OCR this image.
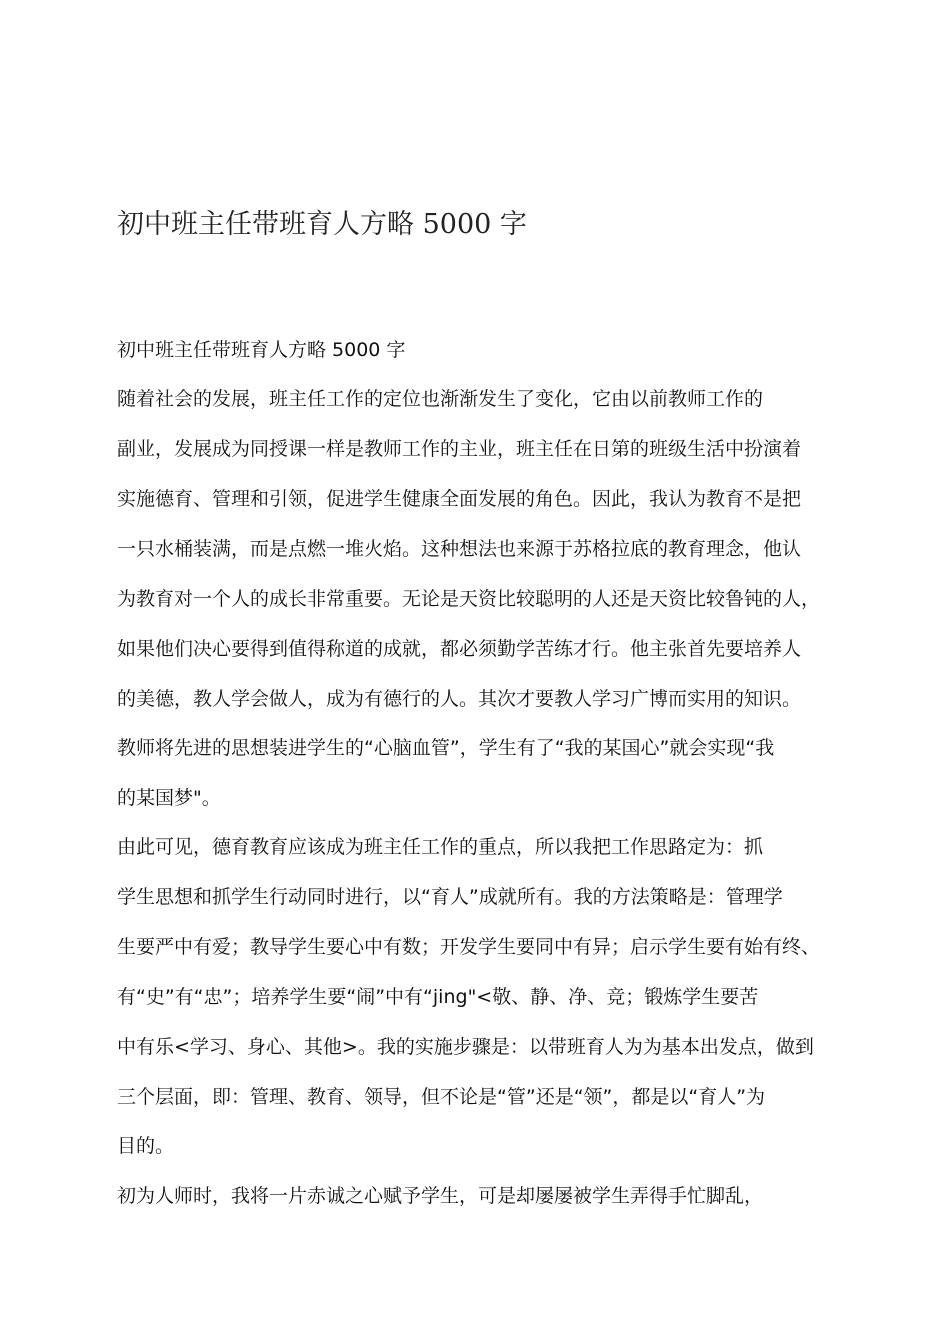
初中班主任带班育人方略 5000 字
初中班主任带班育人方略 5000 字
随着社会的发展，班主任工作的定位也渐渐发生了变化，它由以前教师工作的
副业，发展成为同授课一样是教师工作的主业，班主任在日第的班级生活中扮演着
实施德育、管理和引领，促进学生健康全面发展的角色。因此，我认为教育不是把
一只水桶装满，而是点燃一堆火焰。这种想法也来源于苏格拉底的教育理念，他认
为教育对一个人的成长非常重要。无论是天资比较聪明的人还是天资比较鲁钝的人，
如果他们决心要得到值得称道的成就，都必须勤学苦练才行。他主张首先要培养人
的美德，教人学会做人，成为有德行的人。其次才要教人学习广博而实用的知识。
教师将先进的思想装进学生的“心脑血管”，学生有了“我的某国心”就会实现“我
的某国梦"。
由此可见，德育教育应该成为班主任工作的重点，所以我把工作思路定为：抓
学生思想和抓学生行动同时进行，以“育人”成就所有。我的方法策略是：管理学
生要严中有爱；教导学生要心中有数；开发学生要同中有异；启示学生要有始有终、
有“史”有“忠”；培养学生要“闹”中有“jing"<敬、静、净、竞；锻炼学生要苦
中有乐<学习、身心、其他>。我的实施步骤是：以带班育人为为基本出发点，做到
三个层面，即：管理、教育、领导，但不论是“管”还是“领”，都是以“育人”为
目的。
初为人师时，我将一片赤诚之心赋予学生，可是却屡屡被学生弄得手忙脚乱，
